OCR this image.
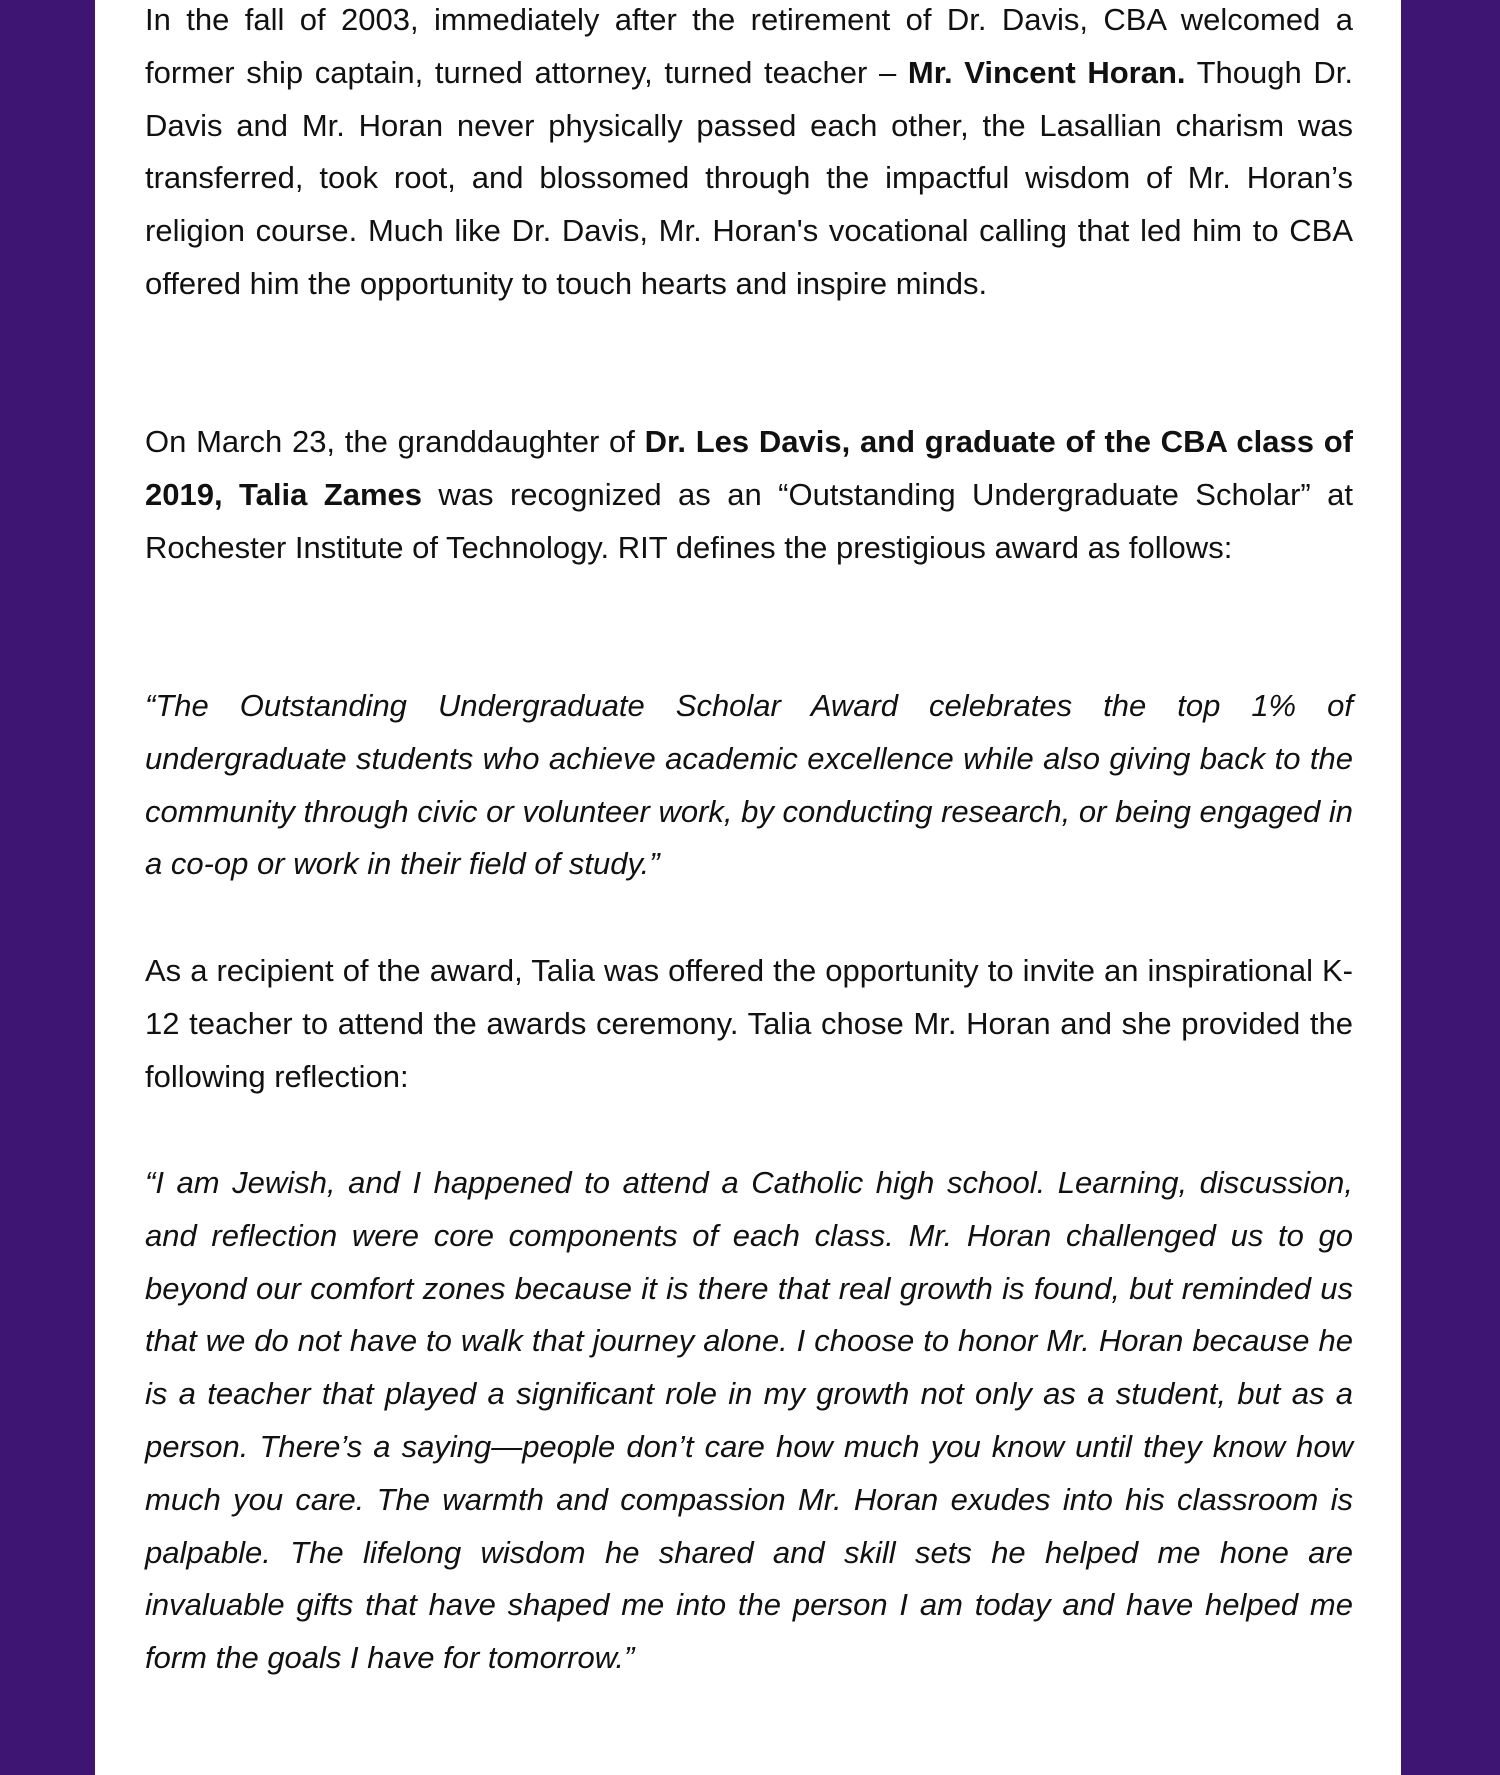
In the fall of 2003, immediately after the retirement of Dr. Davis, CBA welcomed a former ship captain, turned attorney, turned teacher – Mr. Vincent Horan. Though Dr. Davis and Mr. Horan never physically passed each other, the Lasallian charism was transferred, took root, and blossomed through the impactful wisdom of Mr. Horan’s religion course. Much like Dr. Davis, Mr. Horan's vocational calling that led him to CBA offered him the opportunity to touch hearts and inspire minds.

On March 23, the granddaughter of Dr. Les Davis, and graduate of the CBA class of 2019, Talia Zames was recognized as an “Outstanding Undergraduate Scholar” at Rochester Institute of Technology. RIT defines the prestigious award as follows:

“The Outstanding Undergraduate Scholar Award celebrates the top 1% of undergraduate students who achieve academic excellence while also giving back to the community through civic or volunteer work, by conducting research, or being engaged in a co-op or work in their field of study.”

As a recipient of the award, Talia was offered the opportunity to invite an inspirational K-12 teacher to attend the awards ceremony. Talia chose Mr. Horan and she provided the following reflection:

“I am Jewish, and I happened to attend a Catholic high school. Learning, discussion, and reflection were core components of each class. Mr. Horan challenged us to go beyond our comfort zones because it is there that real growth is found, but reminded us that we do not have to walk that journey alone. I choose to honor Mr. Horan because he is a teacher that played a significant role in my growth not only as a student, but as a person. There’s a saying—people don’t care how much you know until they know how much you care. The warmth and compassion Mr. Horan exudes into his classroom is palpable. The lifelong wisdom he shared and skill sets he helped me hone are invaluable gifts that have shaped me into the person I am today and have helped me form the goals I have for tomorrow.”
